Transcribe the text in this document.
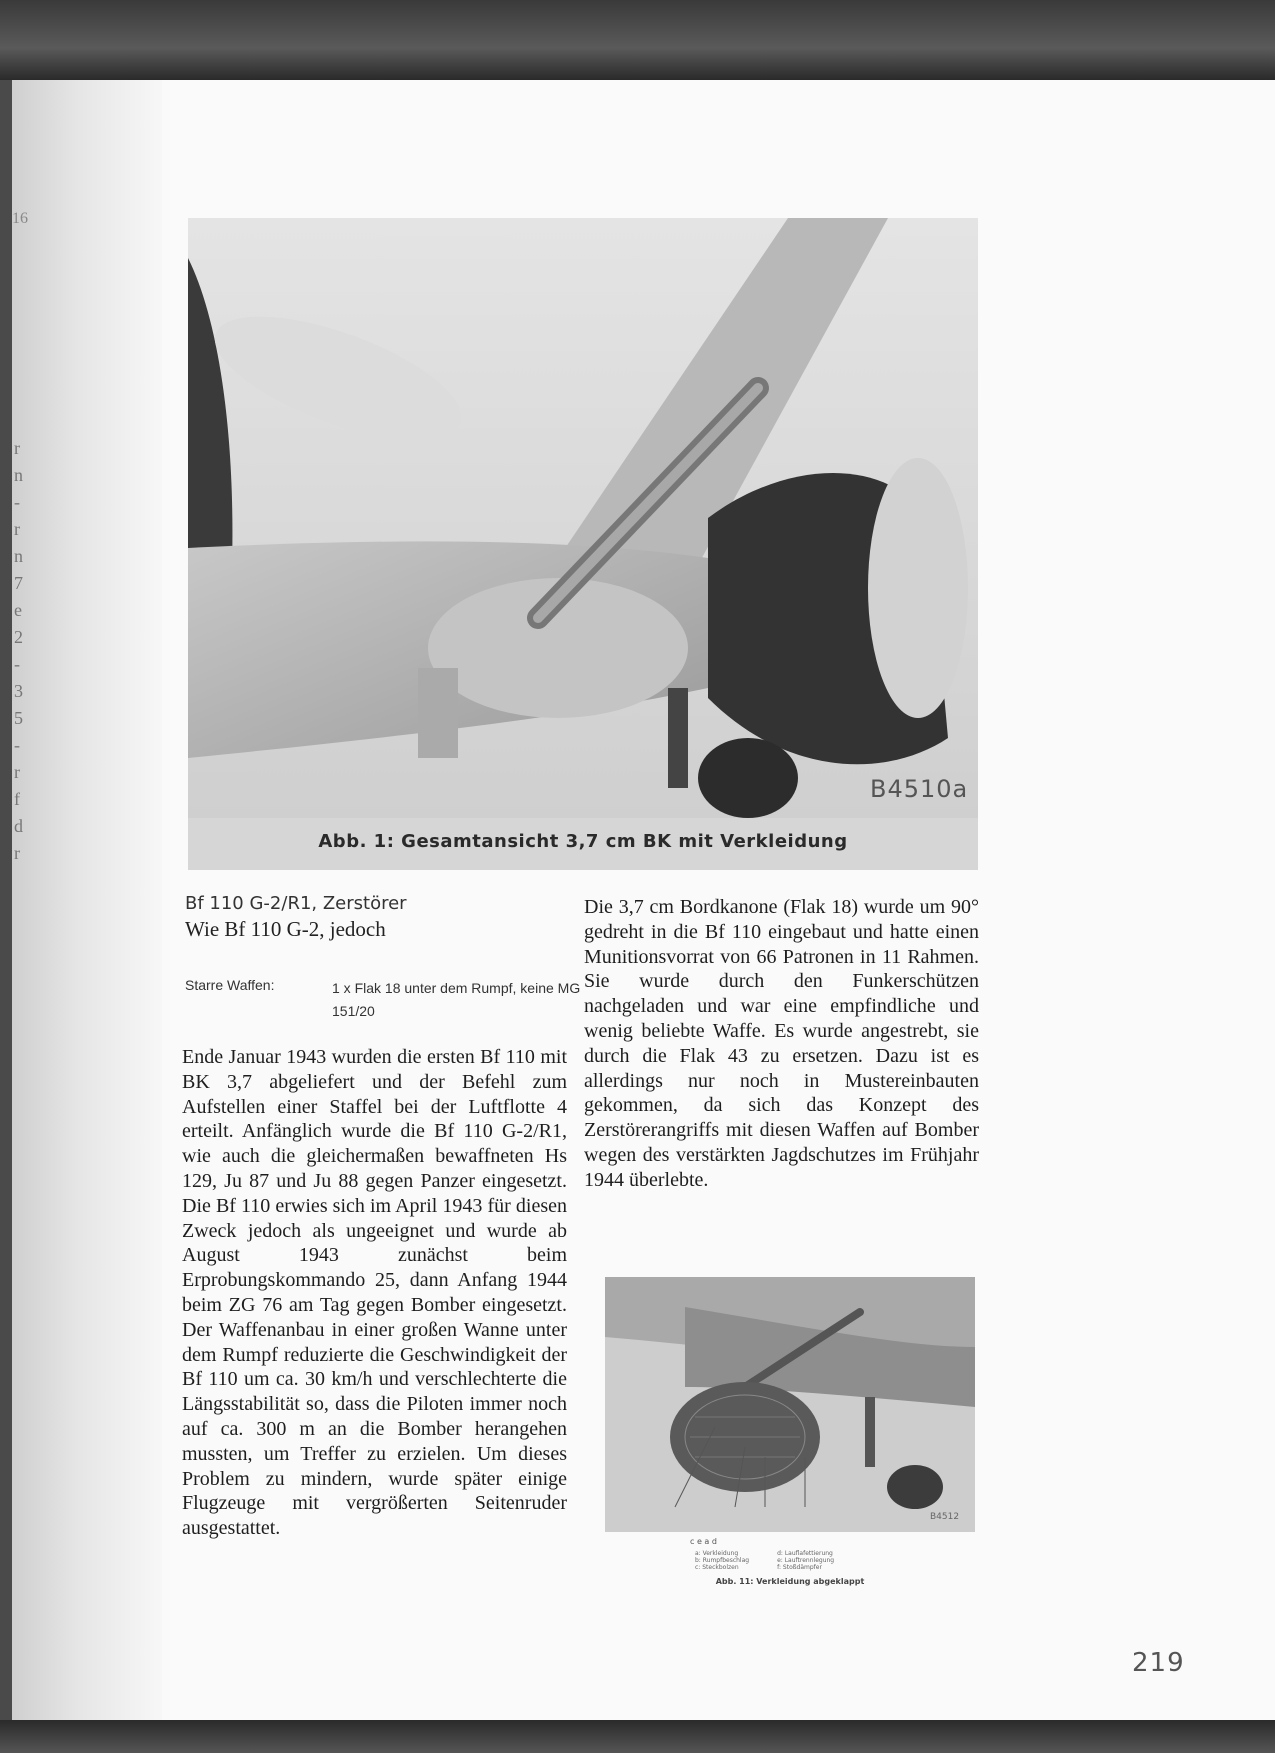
16
r
n
-
r
n
7
e
2
-
3
5
-
r
f
d
r
B4510a
Abb. 1: Gesamtansicht 3,7 cm BK mit Verkleidung
Bf 110 G-2/R1, Zerstörer
Wie Bf 110 G-2, jedoch
Starre Waffen:	1 x Flak 18 unter dem Rumpf, keine MG 151/20

Ende Januar 1943 wurden die ersten Bf 110 mit BK 3,7 abgeliefert und der Befehl zum Aufstellen einer Staffel bei der Luftflotte 4 erteilt. Anfänglich wurde die Bf 110 G-2/R1, wie auch die gleichermaßen bewaffneten Hs 129, Ju 87 und Ju 88 gegen Panzer eingesetzt. Die Bf 110 erwies sich im April 1943 für diesen Zweck jedoch als ungeeignet und wurde ab August 1943 zunächst beim Erprobungskommando 25, dann Anfang 1944 beim ZG 76 am Tag gegen Bomber eingesetzt. Der Waffenanbau in einer großen Wanne unter dem Rumpf reduzierte die Geschwindigkeit der Bf 110 um ca. 30 km/h und verschlechterte die Längsstabilität so, dass die Piloten immer noch auf ca. 300 m an die Bomber herangehen mussten, um Treffer zu erzielen. Um dieses Problem zu mindern, wurde später einige Flugzeuge mit vergrößerten Seitenruder ausgestattet.

Die 3,7 cm Bordkanone (Flak 18) wurde um 90° gedreht in die Bf 110 eingebaut und hatte einen Munitionsvorrat von 66 Patronen in 11 Rahmen. Sie wurde durch den Funkerschützen nachgeladen und war eine empfindliche und wenig beliebte Waffe. Es wurde angestrebt, sie durch die Flak 43 zu ersetzen. Dazu ist es allerdings nur noch in Mustereinbauten gekommen, da sich das Konzept des Zerstörerangriffs mit diesen Waffen auf Bomber wegen des verstärkten Jagdschutzes im Frühjahr 1944 überlebte.

B4512
c e a d
a: Verkleidung
b: Rumpfbeschlag
c: Steckbolzen
d: Lauflafettierung
e: Lauftrennlegung
f: Stoßdämpfer
Abb. 11: Verkleidung abgeklappt
219
